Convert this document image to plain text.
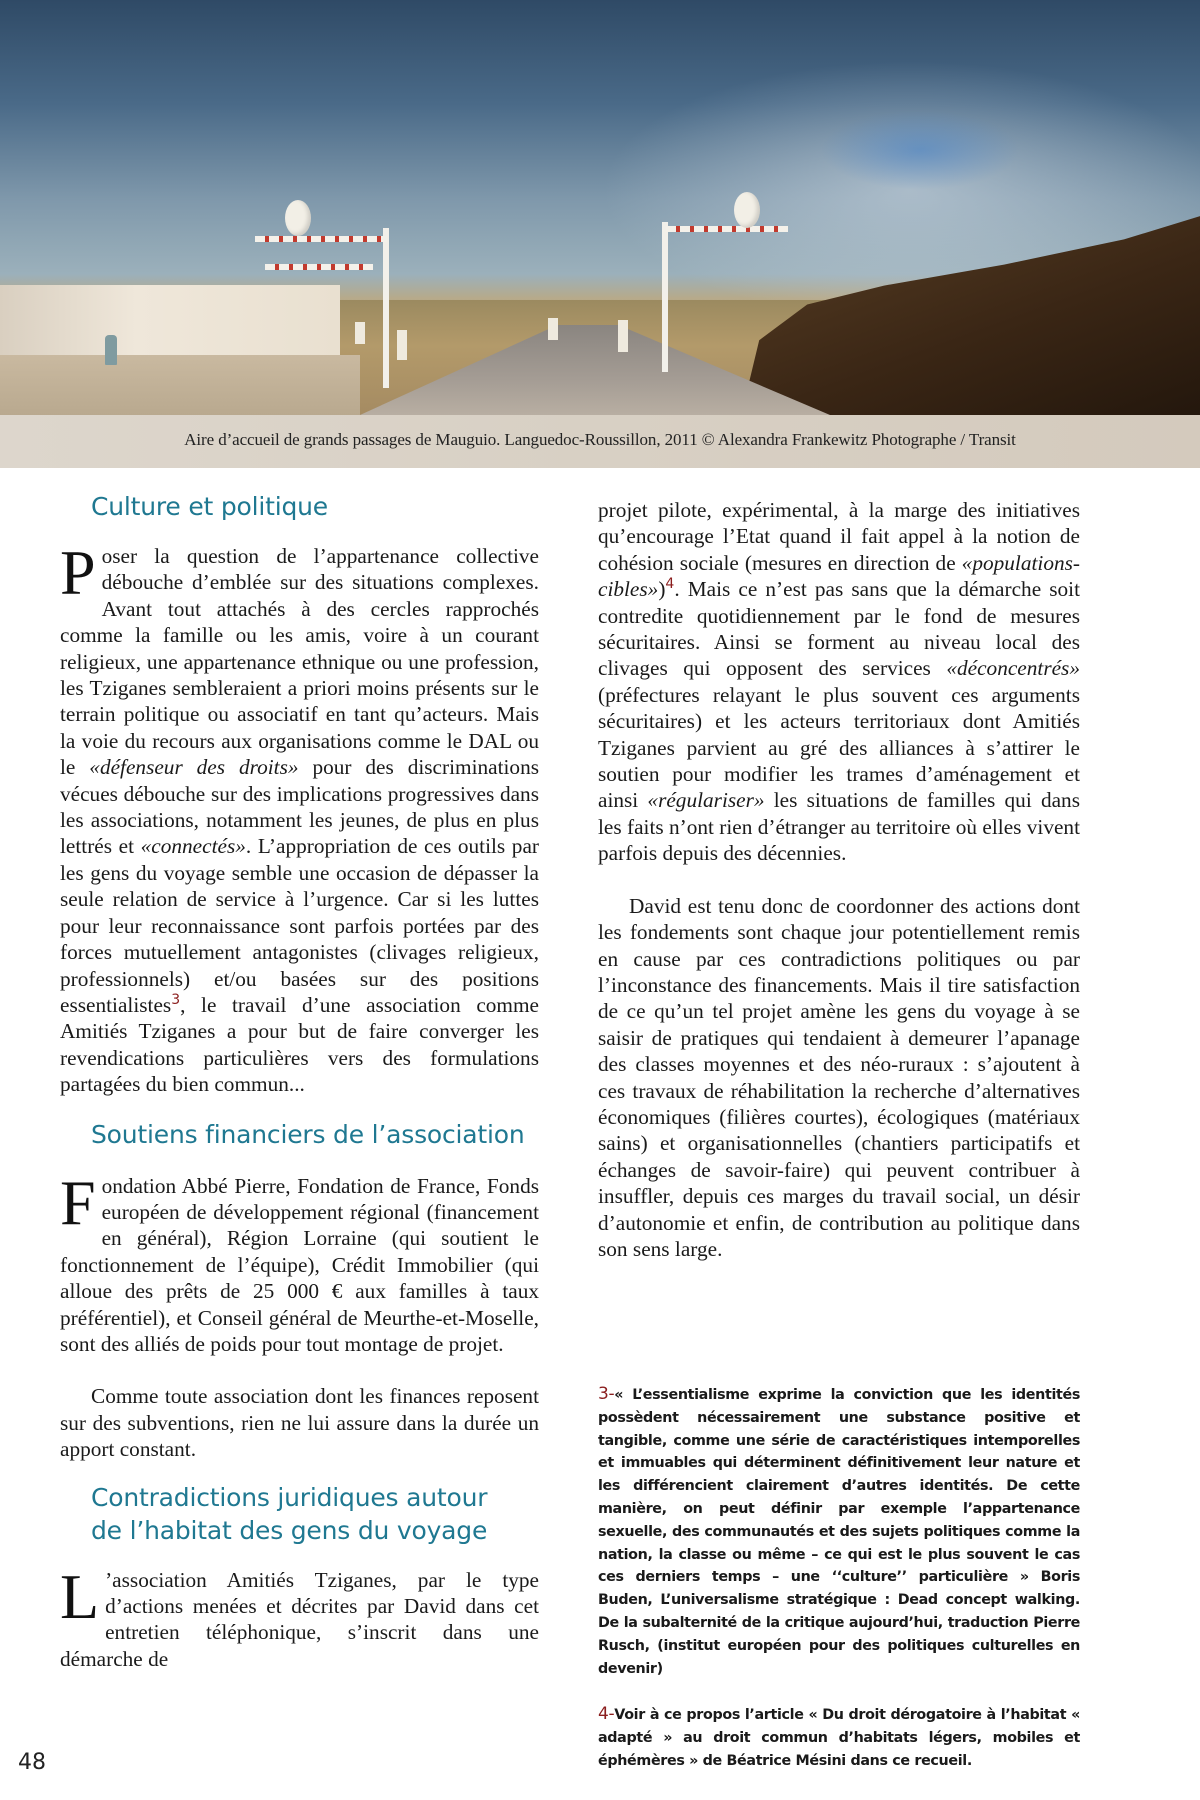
Aire d’accueil de grands passages de Mauguio. Languedoc-Roussillon, 2011 © Alexandra Frankewitz Photographe / Transit
Culture et politique

Poser la question de l’appartenance collective débouche d’emblée sur des situations complexes. Avant tout attachés à des cercles rapprochés comme la famille ou les amis, voire à un courant religieux, une appartenance ethnique ou une profession, les Tziganes sembleraient a priori moins présents sur le terrain politique ou associatif en tant qu’acteurs. Mais la voie du recours aux organisations comme le DAL ou le «défenseur des droits» pour des discriminations vécues débouche sur des implications progressives dans les associations, notamment les jeunes, de plus en plus lettrés et «connectés». L’appropriation de ces outils par les gens du voyage semble une occasion de dépasser la seule relation de service à l’urgence. Car si les luttes pour leur reconnaissance sont parfois portées par des forces mutuellement antagonistes (clivages religieux, professionnels) et/ou basées sur des positions essentialistes$^3$, le travail d’une association comme Amitiés Tziganes a pour but de faire converger les revendications particulières vers des formulations partagées du bien commun...

Soutiens financiers de l’association

Fondation Abbé Pierre, Fondation de France, Fonds européen de développement régional (financement en général), Région Lorraine (qui soutient le fonctionnement de l’équipe), Crédit Immobilier (qui alloue des prêts de 25 000 € aux familles à taux préférentiel), et Conseil général de Meurthe-et-Moselle, sont des alliés de poids pour tout montage de projet.

Comme toute association dont les finances reposent sur des subventions, rien ne lui assure dans la durée un apport constant.

Contradictions juridiques autour
de l’habitat des gens du voyage

L ’association Amitiés Tziganes, par le type d’actions menées et décrites par David dans cet entretien téléphonique, s’inscrit dans une démarche de

projet pilote, expérimental, à la marge des initiatives qu’encourage l’Etat quand il fait appel à la notion de cohésion sociale (mesures en direction de «populations-cibles»)$^4$. Mais ce n’est pas sans que la démarche soit contredite quotidiennement par le fond de mesures sécuritaires. Ainsi se forment au niveau local des clivages qui opposent des services «déconcentrés» (préfectures relayant le plus souvent ces arguments sécuritaires) et les acteurs territoriaux dont Amitiés Tziganes parvient au gré des alliances à s’attirer le soutien pour modifier les trames d’aménagement et ainsi «régulariser» les situations de familles qui dans les faits n’ont rien d’étranger au territoire où elles vivent parfois depuis des décennies.

David est tenu donc de coordonner des actions dont les fondements sont chaque jour potentiellement remis en cause par ces contradictions politiques ou par l’inconstance des financements. Mais il tire satisfaction de ce qu’un tel projet amène les gens du voyage à se saisir de pratiques qui tendaient à demeurer l’apanage des classes moyennes et des néo-ruraux : s’ajoutent à ces travaux de réhabilitation la recherche d’alternatives économiques (filières courtes), écologiques (matériaux sains) et organisationnelles (chantiers participatifs et échanges de savoir-faire) qui peuvent contribuer à insuffler, depuis ces marges du travail social, un désir d’autonomie et enfin, de contribution au politique dans son sens large.

3-« L’essentialisme exprime la conviction que les identités possèdent nécessairement une substance positive et tangible, comme une série de caractéristiques intemporelles et immuables qui déterminent définitivement leur nature et les différencient clairement d’autres identités. De cette manière, on peut définir par exemple l’appartenance sexuelle, des communautés et des sujets politiques comme la nation, la classe ou même – ce qui est le plus souvent le cas ces derniers temps – une ‘‘culture’’ particulière » Boris Buden, L’universalisme stratégique : Dead concept walking. De la subalternité de la critique aujourd’hui, traduction Pierre Rusch, (institut européen pour des politiques culturelles en devenir)
4-Voir à ce propos l’article « Du droit dérogatoire à l’habitat « adapté » au droit commun d’habitats légers, mobiles et éphémères » de Béatrice Mésini dans ce recueil.
48
